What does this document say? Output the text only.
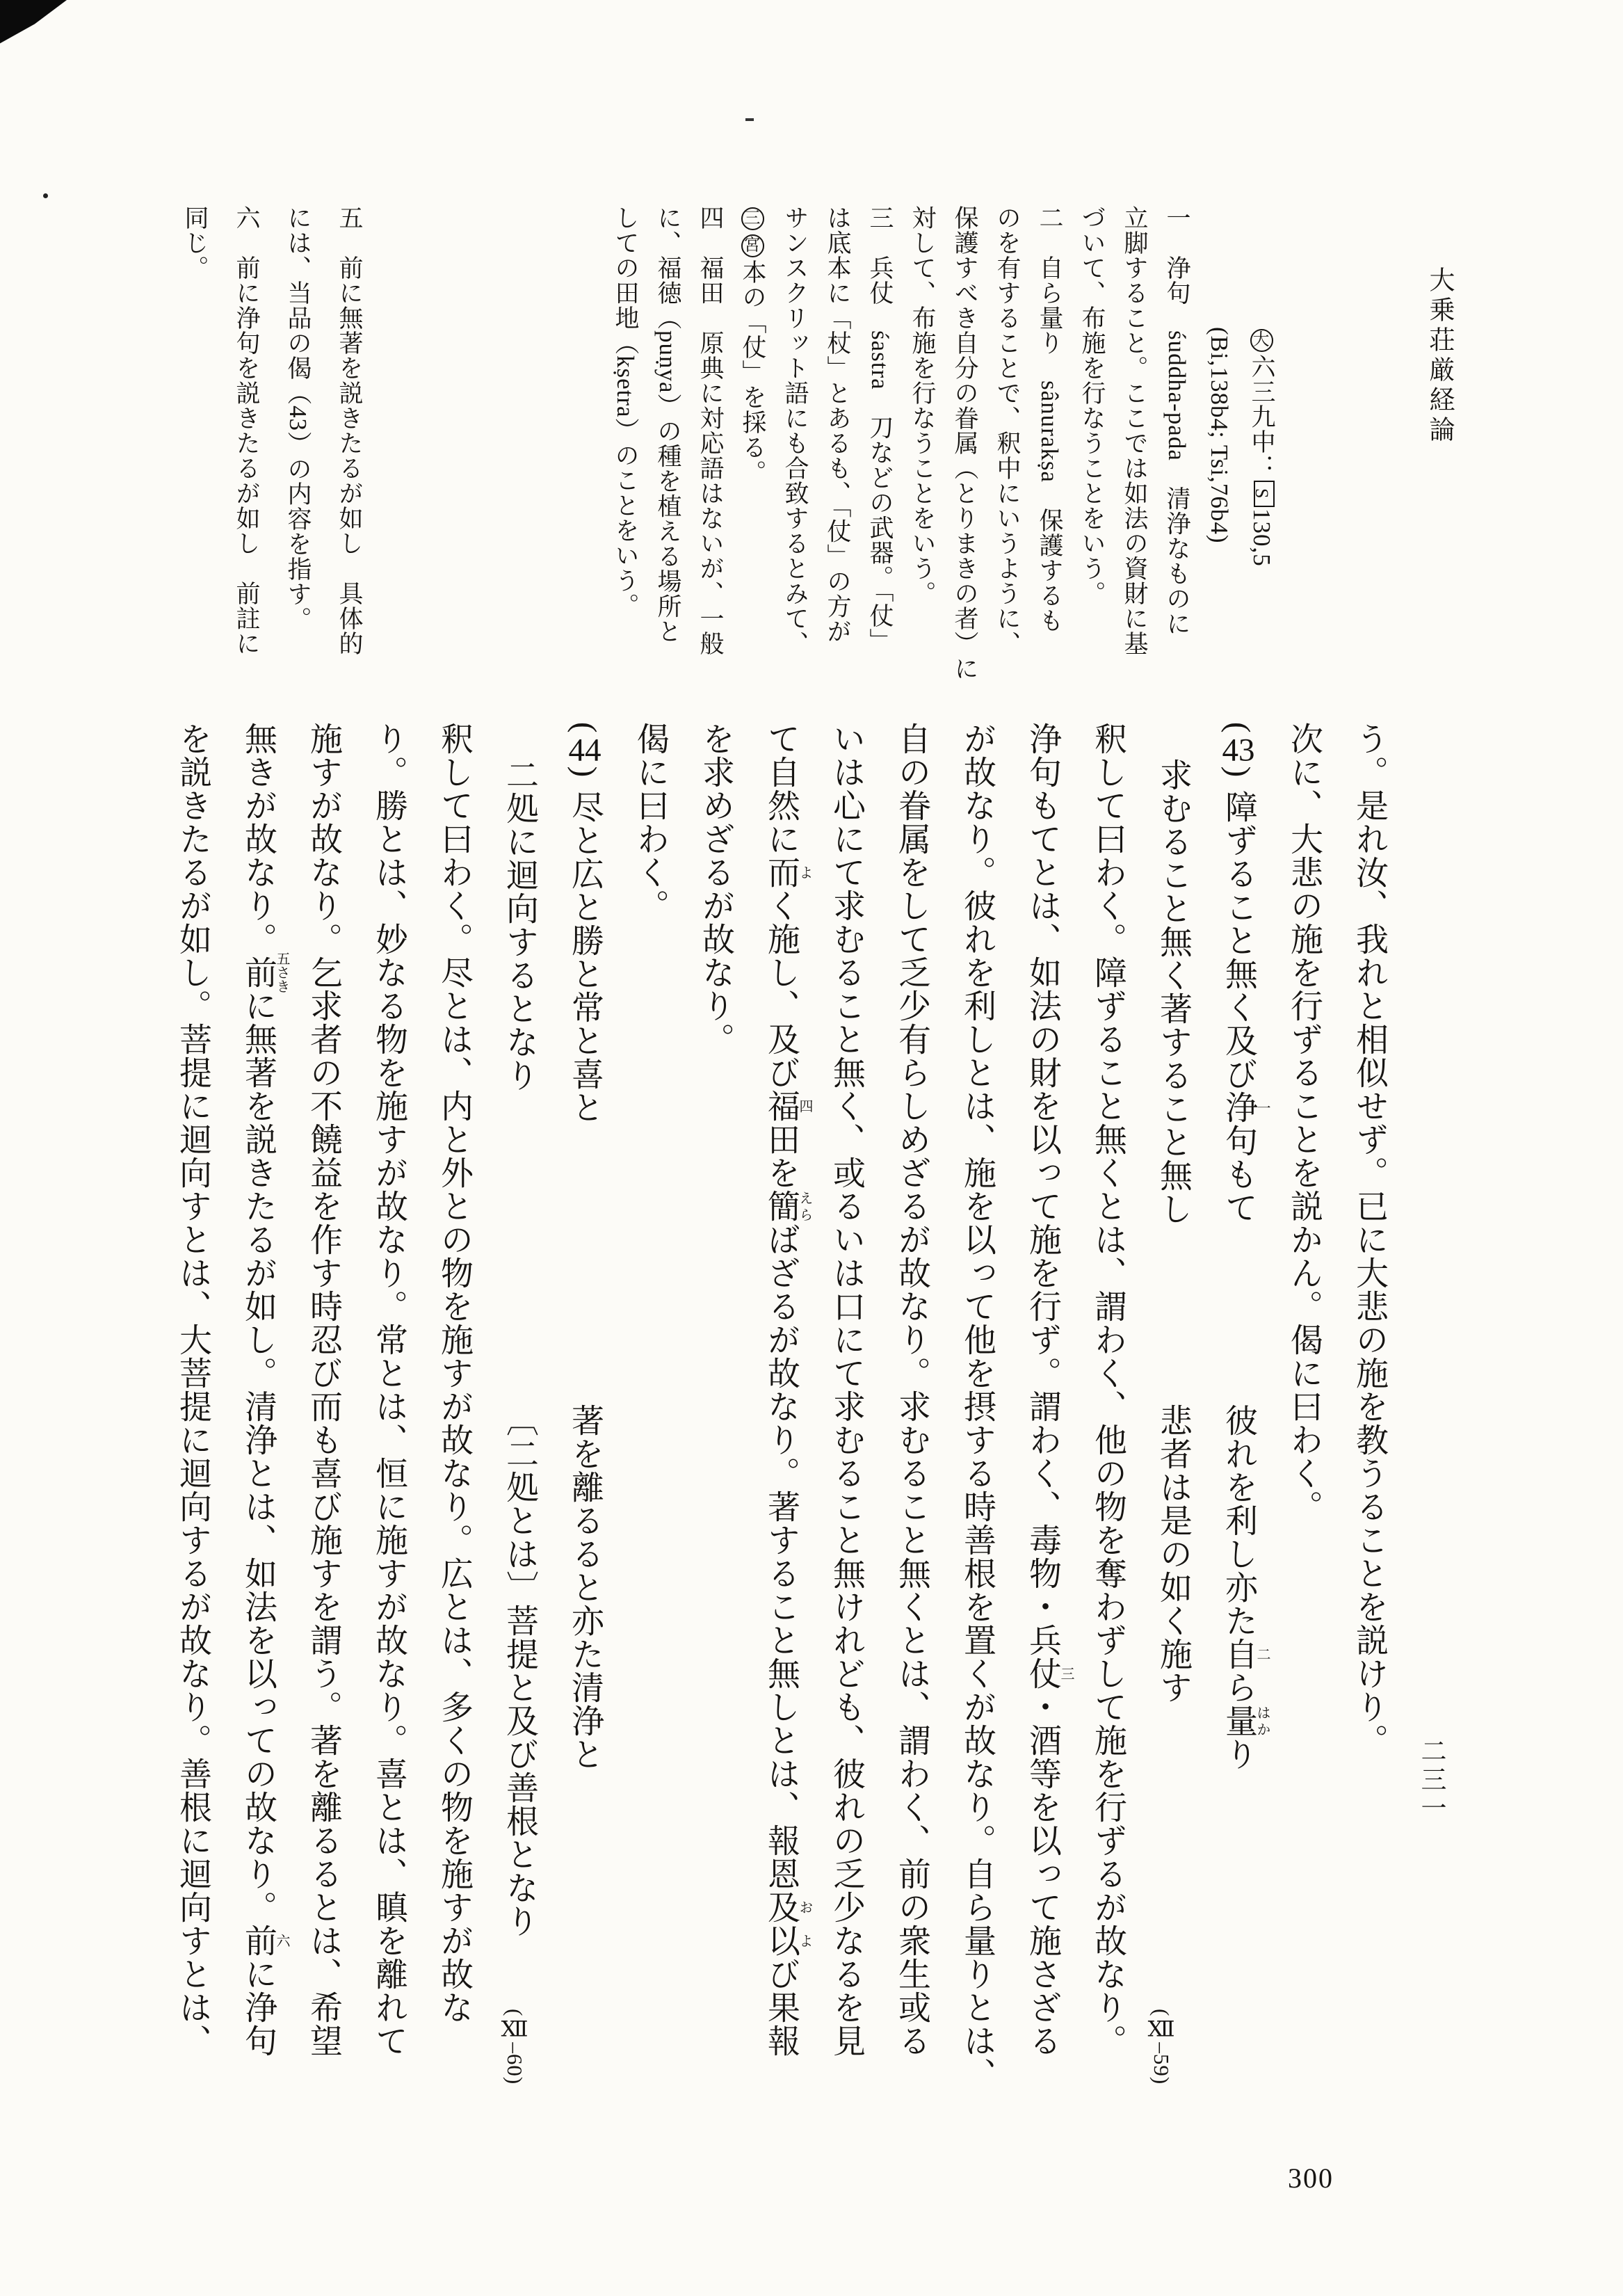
大乗荘厳経論
二三一
大六三九中：S130,5
(Bi,138b4; Tsi,76b4)
一　浄句　śuddha-pada　清浄なものに
立脚すること。ここでは如法の資財に基
づいて、布施を行なうことをいう。
二　自ら量り　sânurakṣa　保護するも
のを有することで、釈中にいうように、
保護すべき自分の眷属（とりまきの者）に
対して、布施を行なうことをいう。
三　兵仗　śastra　刀などの武器。「仗」
は底本に「杖」とあるも、「仗」の方が
サンスクリット語にも合致するとみて、
三宮本の「仗」を採る。
四　福田　原典に対応語はないが、一般
に、福徳（puṇya）の種を植える場所と
しての田地（kṣetra）のことをいう。
五　前に無著を説きたるが如し　具体的
には、当品の偈（43）の内容を指す。
六　前に浄句を説きたるが如し　前註に
同じ。
う。是れ汝、我れと相似せず。已に大悲の施を教うることを説けり。
次に、大悲の施を行ずることを説かん。偈に曰わく。
(43)障ずること無く及び浄一句もて
彼れを利し亦た自二ら量はかり
求むること無く著すること無し
悲者は是の如く施す
釈して曰わく。障ずること無くとは、謂わく、他の物を奪わずして施を行ずるが故なり。
浄句もてとは、如法の財を以って施を行ず。謂わく、毒物・兵仗三・酒等を以って施さざる
が故なり。彼れを利しとは、施を以って他を摂する時善根を置くが故なり。自ら量りとは、
自の眷属をして乏少有らしめざるが故なり。求むること無くとは、謂わく、前の衆生或る
いは心にて求むること無く、或るいは口にて求むること無けれども、彼れの乏少なるを見
て自然に而よく施し、及び福四田を簡えらばざるが故なり。著すること無しとは、報恩及以および果報
を求めざるが故なり。
偈に曰わく。
(44)尽と広と勝と常と喜と
著を離るると亦た清浄と
二処に迴向するとなり
〔二処とは〕菩提と及び善根となり
釈して曰わく。尽とは、内と外との物を施すが故なり。広とは、多くの物を施すが故な
り。勝とは、妙なる物を施すが故なり。常とは、恒に施すが故なり。喜とは、瞋を離れて
施すが故なり。乞求者の不饒益を作す時忍び而も喜び施すを謂う。著を離るるとは、希望
無きが故なり。前五さきに無著を説きたるが如し。清浄とは、如法を以っての故なり。前六に浄句
を説きたるが如し。菩提に迴向すとは、大菩提に迴向するが故なり。善根に迴向すとは、	(Ⅻ–59)
(Ⅻ–60)
300
